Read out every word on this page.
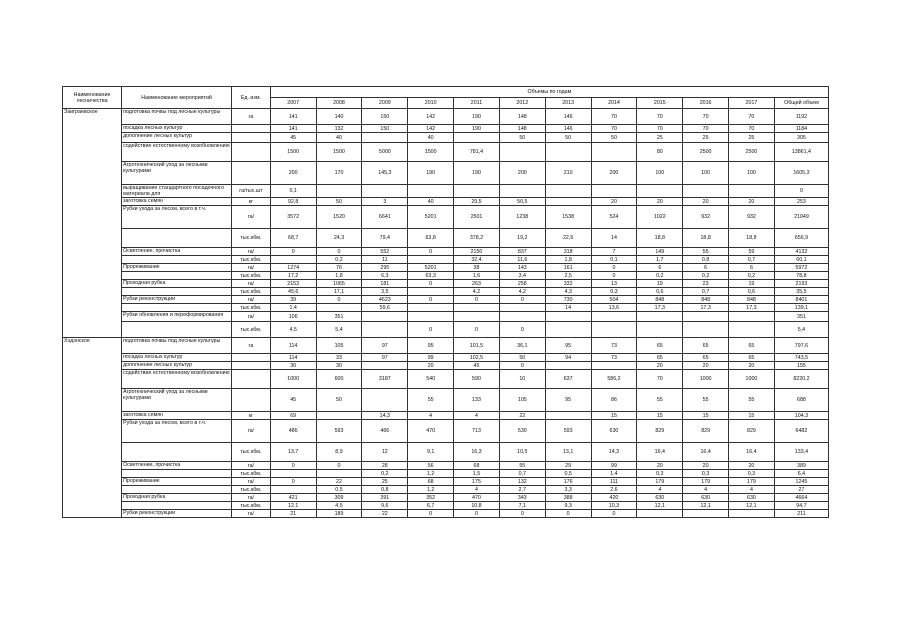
Наименование лесничества	Наименование мероприятий	Ед. изм.	Объемы по годам											
			2007	2008	2009	2010	2011	2012	2013	2014	2015	2016	2017	Общий объем
Заиграевское	подготовка почвы под лесные культуры	га	141	140	150	142	190	148	146	70	70	70	70	1192
	посадка лесных культур		141	132	150	142	190	148	146	70	70	70	70	1184
	дополнение лесных культур		45	40		40		50	50	50	25	25	25	305
	содействие естественному возобновлению		1500	1500	5000	1500	781,4				80	2500	2500	13861,4
	Агротехнический уход за лесными культурами		200	170	145,3	190	190	200	210	200	100	100	100	1605,3
	выращивание стандартного посадочного материала для	га/тыс.шт	0,1											0
	заготовка семян	кг	92,8	50	3	40	29,5	50,5		20	20	20	20	253
	Рубки ухода за лесом, всего в т.ч.	га/	3572	1520	6641	5201	2501	1238	1538	524	1022	932	932	21049
		тыс.кбм.	68,7	24,3	79,4	63,8	378,2	19,2	22,6	14	18,8	18,8	18,8	656,9
	Осветление, прочистка	га/	0	0	552	0	2150	837	318	7	149	55	59	4132
		тыс.кбм.		0,2	11		32,4	11,6	1,8	0,1	1,7	0,8	0,7	60,1
	Прореживание	га/	1274	76	295	5201	38	143	161	0	6	6	6	5972
		тыс.кбм.	17,2	1,8	6,3	63,3	1,6	3,4	2,5	0	0,2	0,2	0,2	78,8
	Проходная рубка	га/	2153	1065	181	0	263	258	332	13	19	23	19	2193
		тыс.кбм.	45,6	17,1	3,5		4,2	4,2	4,3	0,3	0,6	0,7	0,6	35,5
	Рубки реконструкции	га/	39	0	4623	0	0	0	730	504	848	848	848	8401
		тыс.кбм.	1,4		59,6				14	13,6	17,3	17,3	17,3	139,1
	Рубки обновления и переформирования	га/	106	351										351
		тыс.кбм.	4,5	5,4		0	0	0						5,4
Хэдэнское	подготовка почвы под лесные культуры	га	114	105	97	95	101,5	36,1	95	73	65	65	65	797,6
	посадка лесных культур		114	33	97	99	102,5	50	94	73	65	65	65	743,5
	дополнение лесных культур		30	30		20	45	0			20	20	20	155
	содействие естественному возобновлению		1000	600	3187	540	590	10	637	586,2	70	1000	1000	8220,2
	Агротехнический уход за лесными культурами		45	50		55	133	105	95	86	55	55	55	688
	заготовка семян	кг	69		14,3	4	4	22		15	15	15	15	104,3
	Рубки ухода за лесом, всего в т.ч.	га/	486	593	466	470	713	530	593	630	829	829	829	6482
		тыс.кбм.	13,7	8,9	12	9,1	16,3	10,5	13,1	14,3	16,4	16,4	16,4	133,4
	Осветление, прочистка	га/	0	0	28	56	68	55	29	99	20	20	20	389
		тыс.кбм.			0,2	1,2	1,5	0,7	0,5	1,4	0,3	0,3	0,3	6,4
	Прореживание	га/	0	22	25	68	175	132	176	111	179	179	179	1245
		тыс.кбм.		0,5	0,8	1,2	4	2,7	3,3	2,6	4	4	4	27
	Проходная рубка	га/	421	309	391	352	470	343	388	420	630	630	630	4664
		тыс.кбм.	12,1	4,5	9,6	6,7	10,8	7,1	9,3	10,3	12,1	12,1	12,1	94,7
	Рубки реконструкции	га/	21	189	22	0	0	0	0	0				211
